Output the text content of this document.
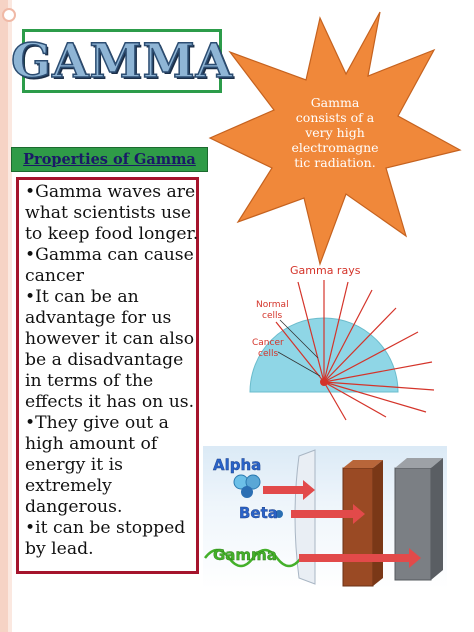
GAMMA
Properties of Gamma
•Gamma waves are
what scientists use
to keep food longer.
•Gamma can cause
cancer
•It can be an
advantage for us
however it can also
be a disadvantage
in terms of the
effects it has on us.
•They give out a
high amount of
energy it is
extremely
dangerous.
•it can be stopped
by lead.
Gamma
consists of a
very high
electromagne
tic radiation.
Gamma rays
Normal
cells
Cancer
cells
Alpha
Beta
Gamma
